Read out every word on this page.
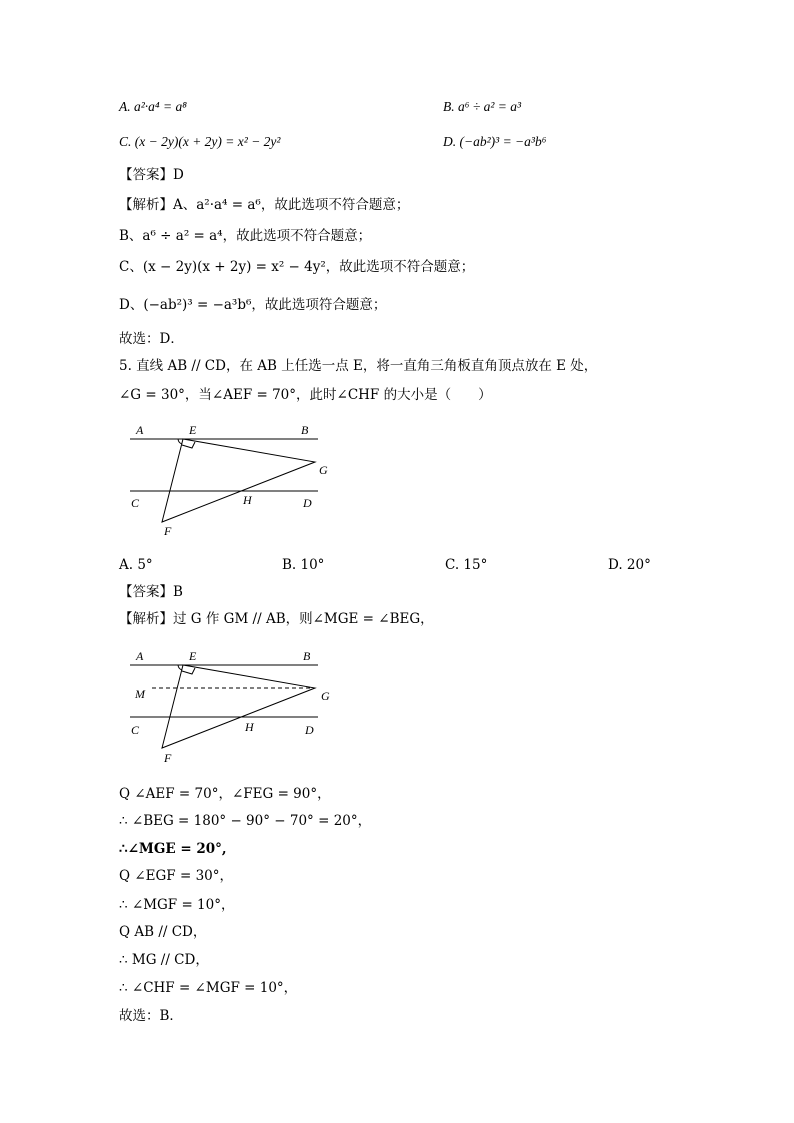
A. a²·a⁴ = a⁸	B. a⁶ ÷ a² = a³
C. (x − 2y)(x + 2y) = x² − 2y²	D. (−ab²)³ = −a³b⁶
【答案】D
【解析】A、a²·a⁴ = a⁶，故此选项不符合题意；
B、a⁶ ÷ a² = a⁴，故此选项不符合题意；
C、(x − 2y)(x + 2y) = x² − 4y²，故此选项不符合题意；
D、(−ab²)³ = −a³b⁶，故此选项符合题意；
故选：D．
5. 直线 AB // CD，在 AB 上任选一点 E，将一直角三角板直角顶点放在 E 处，
∠G = 30°，当∠AEF = 70°，此时∠CHF 的大小是（　　）
A	E	B
G
C	H	D
F
A. 5°	B. 10°	C. 15°	D. 20°
【答案】B
【解析】过 G 作 GM // AB，则∠MGE = ∠BEG，
A	E	B
M	G
C	H	D
F
Q ∠AEF = 70°，∠FEG = 90°，
∴ ∠BEG = 180° − 90° − 70° = 20°，
∴∠MGE = 20°,
Q ∠EGF = 30°，
∴ ∠MGF = 10°，
Q AB // CD，
∴ MG // CD，
∴ ∠CHF = ∠MGF = 10°，
故选：B．
